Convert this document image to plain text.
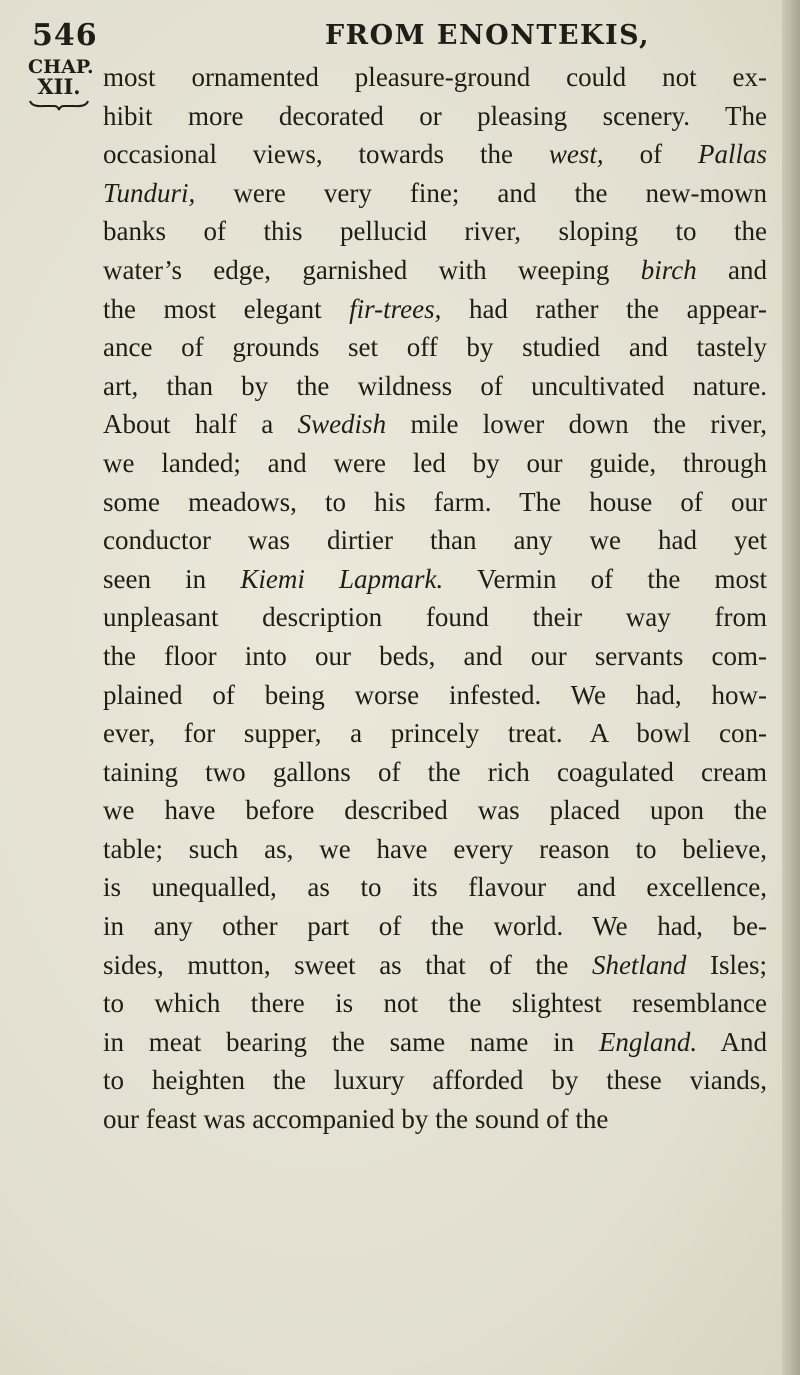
546	FROM ENONTEKIS,
CHAP.
XII. most ornamented pleasure-ground could not ex-
hibit more decorated or pleasing scenery. The
occasional views, towards the west, of Pallas
Tunduri, were very fine; and the new-mown
banks of this pellucid river, sloping to the
water’s edge, garnished with weeping birch and
the most elegant fir-trees, had rather the appear-
ance of grounds set off by studied and tastely
art, than by the wildness of uncultivated nature.
About half a Swedish mile lower down the river,
we landed; and were led by our guide, through
some meadows, to his farm. The house of our
conductor was dirtier than any we had yet
seen in Kiemi Lapmark. Vermin of the most
unpleasant description found their way from
the floor into our beds, and our servants com-
plained of being worse infested. We had, how-
ever, for supper, a princely treat. A bowl con-
taining two gallons of the rich coagulated cream
we have before described was placed upon the
table; such as, we have every reason to believe,
is unequalled, as to its flavour and excellence,
in any other part of the world. We had, be-
sides, mutton, sweet as that of the Shetland Isles;
to which there is not the slightest resemblance
in meat bearing the same name in England. And
to heighten the luxury afforded by these viands,
our feast was accompanied by the sound of the
